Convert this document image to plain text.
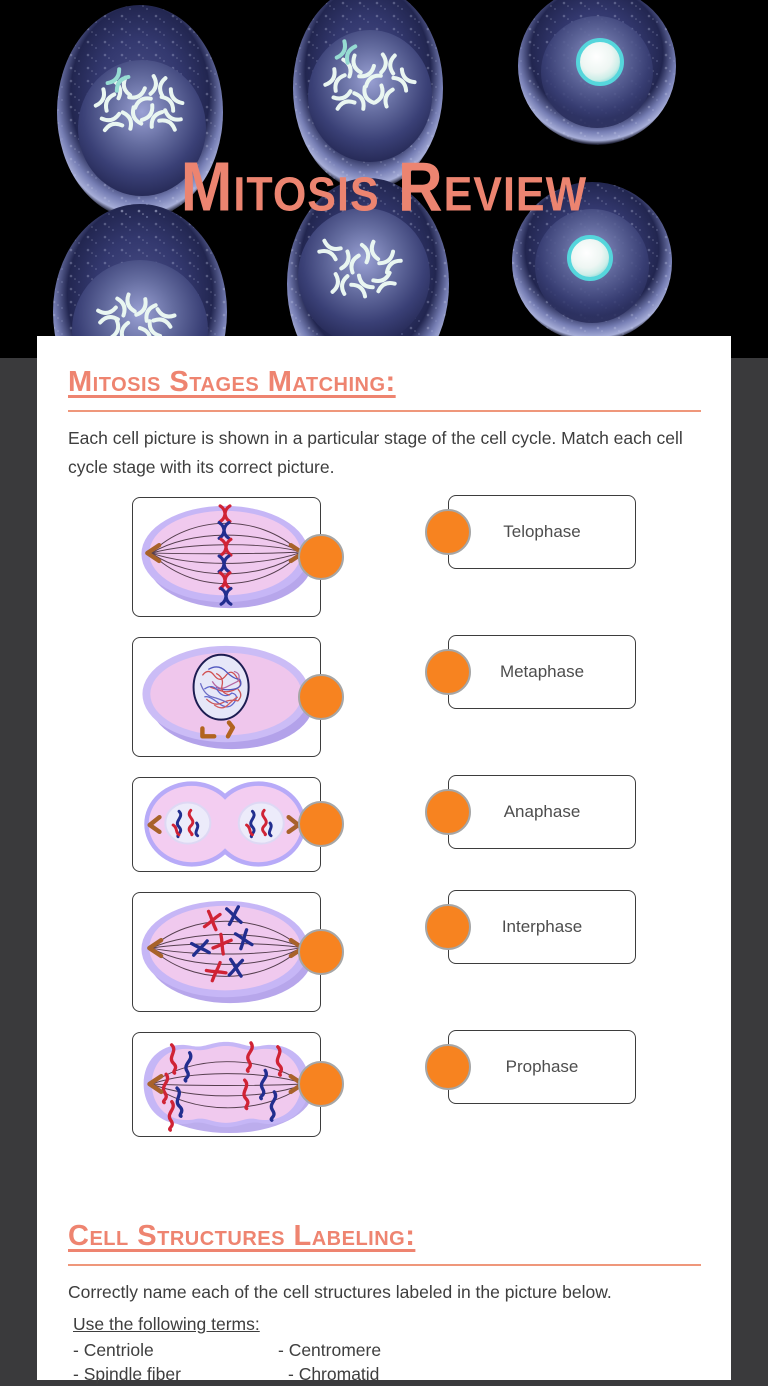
Mitosis Review
Mitosis Stages Matching:

Each cell picture is shown in a particular stage of the cell cycle. Match each cell cycle stage with its correct picture.

Telophase
Metaphase
Anaphase
Interphase
Prophase
Cell Structures Labeling:

Correctly name each of the cell structures labeled in the picture below.

Use the following terms:

- Centriole	- Centromere

- Spindle fiber	- Chromatid
